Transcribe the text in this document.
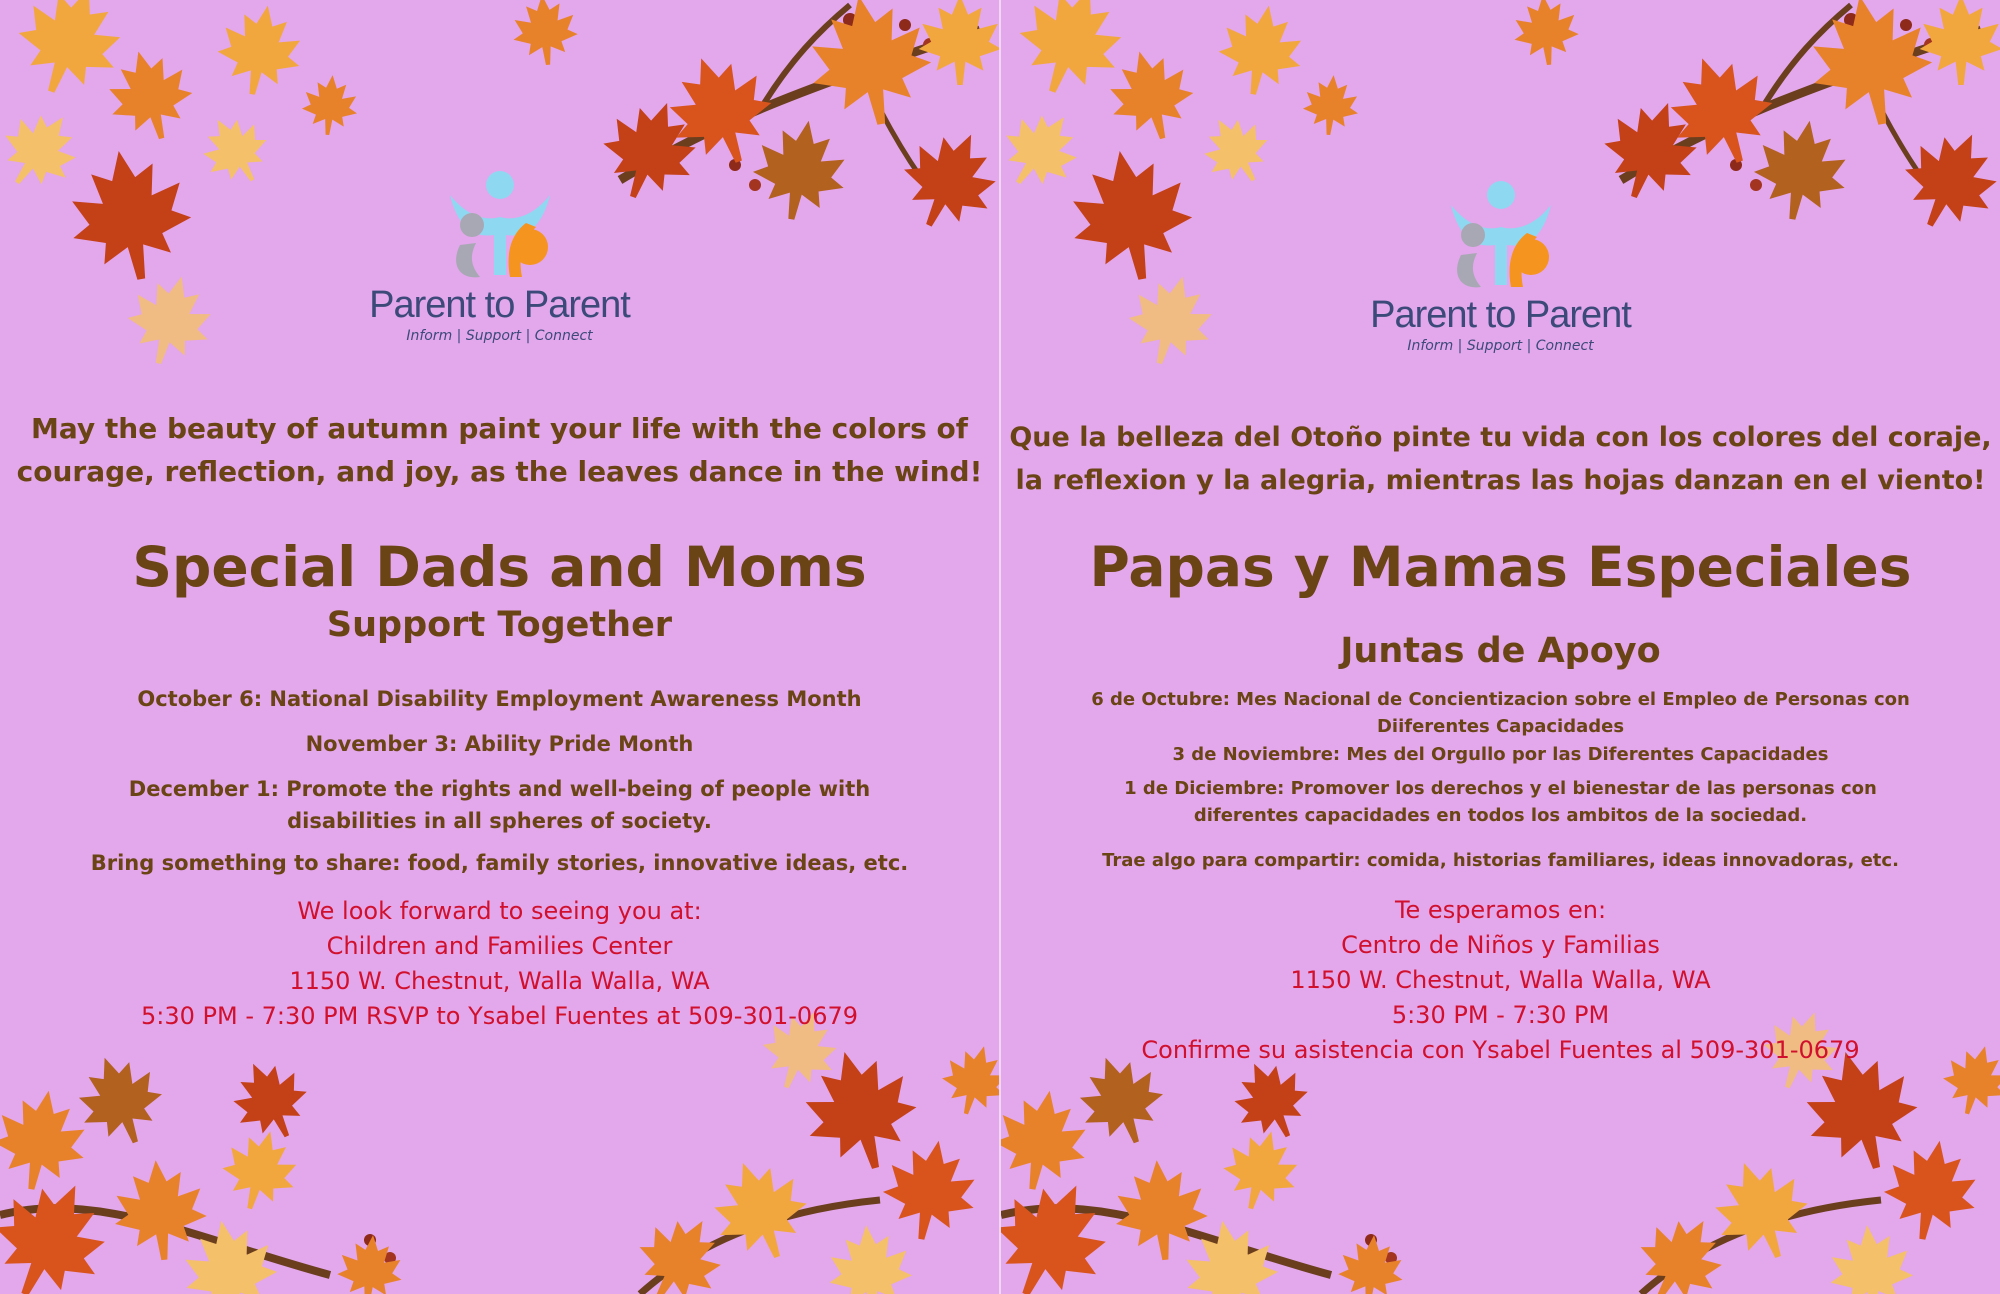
Parent to Parent
Inform | Support | Connect
May the beauty of autumn paint your life with the colors of
courage, reflection, and joy, as the leaves dance in the wind!
Special Dads and Moms
Support Together
October 6: National Disability Employment Awareness Month
November 3: Ability Pride Month
December 1: Promote the rights and well-being of people with
disabilities in all spheres of society.
Bring something to share: food, family stories, innovative ideas, etc.
We look forward to seeing you at:
Children and Families Center
1150 W. Chestnut, Walla Walla, WA
5:30 PM - 7:30 PM RSVP to Ysabel Fuentes at 509-301-0679
Parent to Parent
Inform | Support | Connect
Que la belleza del Otoño pinte tu vida con los colores del coraje,
la reflexion y la alegria, mientras las hojas danzan en el viento!
Papas y Mamas Especiales
Juntas de Apoyo
6 de Octubre: Mes Nacional de Concientizacion sobre el Empleo de Personas con
Diiferentes Capacidades
3 de Noviembre: Mes del Orgullo por las Diferentes Capacidades
1 de Diciembre: Promover los derechos y el bienestar de las personas con
diferentes capacidades en todos los ambitos de la sociedad.
Trae algo para compartir: comida, historias familiares, ideas innovadoras, etc.
Te esperamos en:
Centro de Niños y Familias
1150 W. Chestnut, Walla Walla, WA
5:30 PM - 7:30 PM
Confirme su asistencia con Ysabel Fuentes al 509-301-0679
